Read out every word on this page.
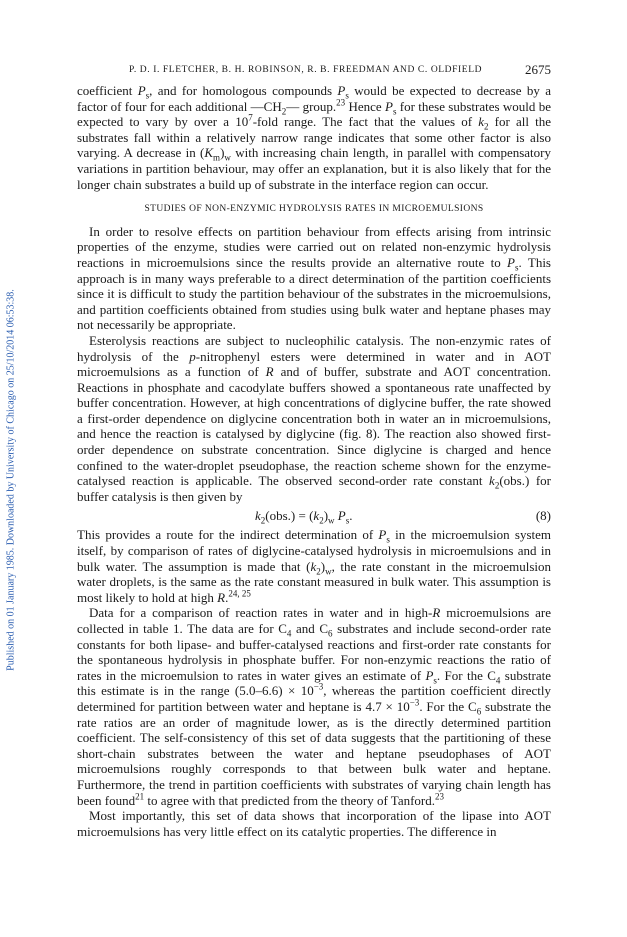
Published on 01 January 1985. Downloaded by University of Chicago on 25/10/2014 06:53:38.
P. D. I. FLETCHER, B. H. ROBINSON, R. B. FREEDMAN AND C. OLDFIELD	2675

coefficient $P_s$, and for homologous compounds $P_s$ would be expected to decrease by a factor of four for each additional $—CH_2—$ group.$^{23}$ Hence $P_s$ for these substrates would be expected to vary by over a $10^7$-fold range. The fact that the values of $k_2$ for all the substrates fall within a relatively narrow range indicates that some other factor is also varying. A decrease in $(K_m)_w$ with increasing chain length, in parallel with compensatory variations in partition behaviour, may offer an explanation, but it is also likely that for the longer chain substrates a build up of substrate in the interface region can occur.

STUDIES OF NON-ENZYMIC HYDROLYSIS RATES IN MICROEMULSIONS

In order to resolve effects on partition behaviour from effects arising from intrinsic properties of the enzyme, studies were carried out on related non-enzymic hydrolysis reactions in microemulsions since the results provide an alternative route to $P_s$. This approach is in many ways preferable to a direct determination of the partition coefficients since it is difficult to study the partition behaviour of the substrates in the microemulsions, and partition coefficients obtained from studies using bulk water and heptane phases may not necessarily be appropriate.

Esterolysis reactions are subject to nucleophilic catalysis. The non-enzymic rates of hydrolysis of the p-nitrophenyl esters were determined in water and in AOT microemulsions as a function of R and of buffer, substrate and AOT concentration. Reactions in phosphate and cacodylate buffers showed a spontaneous rate unaffected by buffer concentration. However, at high concentrations of diglycine buffer, the rate showed a first-order dependence on diglycine concentration both in water an in microemulsions, and hence the reaction is catalysed by diglycine (fig. 8). The reaction also showed first-order dependence on substrate concentration. Since diglycine is charged and hence confined to the water-droplet pseudophase, the reaction scheme shown for the enzyme-catalysed reaction is applicable. The observed second-order rate constant $k_2(obs.)$ for buffer catalysis is then given by

$k_2(obs.) = (k_2)_w$ $P_s$.	(8)

This provides a route for the indirect determination of $P_s$ in the microemulsion system itself, by comparison of rates of diglycine-catalysed hydrolysis in microemulsions and in bulk water. The assumption is made that $(k_2)_w$, the rate constant in the microemulsion water droplets, is the same as the rate constant measured in bulk water. This assumption is most likely to hold at high R.$^{24, 25}$

Data for a comparison of reaction rates in water and in high-R microemulsions are collected in table 1. The data are for $C_4$ and $C_6$ substrates and include second-order rate constants for both lipase- and buffer-catalysed reactions and first-order rate constants for the spontaneous hydrolysis in phosphate buffer. For non-enzymic reactions the ratio of rates in the microemulsion to rates in water gives an estimate of $P_s$. For the $C_4$ substrate this estimate is in the range $(5.0-6.6) \times 10^{-3}$, whereas the partition coefficient directly determined for partition between water and heptane is $4.7 \times 10^{-3}$. For the $C_6$ substrate the rate ratios are an order of magnitude lower, as is the directly determined partition coefficient. The self-consistency of this set of data suggests that the partitioning of these short-chain substrates between the water and heptane pseudophases of AOT microemulsions roughly corresponds to that between bulk water and heptane. Furthermore, the trend in partition coefficients with substrates of varying chain length has been found$^{21}$ to agree with that predicted from the theory of Tanford.$^{23}$

Most importantly, this set of data shows that incorporation of the lipase into AOT microemulsions has very little effect on its catalytic properties. The difference in
